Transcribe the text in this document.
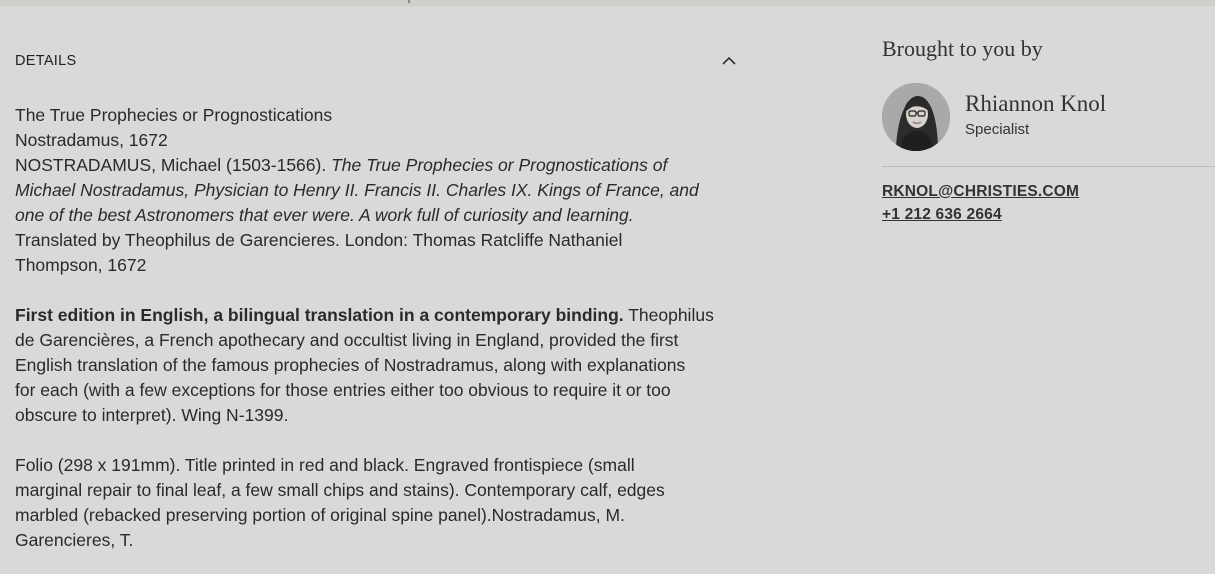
DETAILS
The True Prophecies or Prognostications
Nostradamus, 1672
NOSTRADAMUS, Michael (1503-1566). The True Prophecies or Prognostications of
Michael Nostradamus, Physician to Henry II. Francis II. Charles IX. Kings of France, and
one of the best Astronomers that ever were. A work full of curiosity and learning.
Translated by Theophilus de Garencieres. London: Thomas Ratcliffe Nathaniel
Thompson, 1672
First edition in English, a bilingual translation in a contemporary binding. Theophilus
de Garencières, a French apothecary and occultist living in England, provided the first
English translation of the famous prophecies of Nostradramus, along with explanations
for each (with a few exceptions for those entries either too obvious to require it or too
obscure to interpret). Wing N-1399.
Folio (298 x 191mm). Title printed in red and black. Engraved frontispiece (small
marginal repair to final leaf, a few small chips and stains). Contemporary calf, edges
marbled (rebacked preserving portion of original spine panel).Nostradamus, M.
Garencieres, T.
Brought to you by
Rhiannon Knol
Specialist
RKNOL@CHRISTIES.COM
+1 212 636 2664
